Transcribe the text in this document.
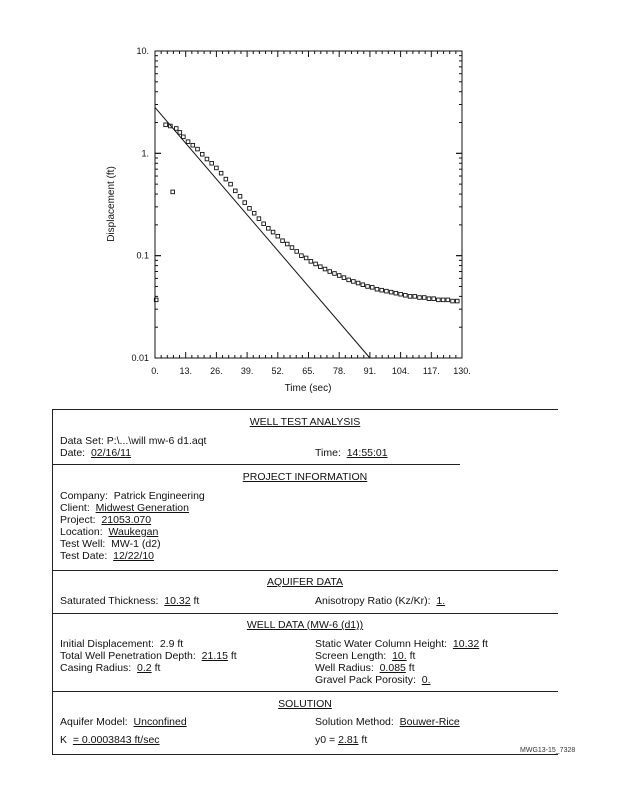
0.01
0.1
1.
10.
0. 13. 26. 39. 52. 65. 78. 91. 104. 117. 130.
Displacement (ft)
Time (sec)
WELL TEST ANALYSIS
Data Set: P:\...\will mw-6 d1.aqt
Date: 02/16/11	Time: 14:55:01
PROJECT INFORMATION
Company: Patrick Engineering
Client: Midwest Generation
Project: 21053.070
Location: Waukegan
Test Well: MW-1 (d2)
Test Date: 12/22/10
AQUIFER DATA
Saturated Thickness: 10.32 ft	Anisotropy Ratio (Kz/Kr): 1.
WELL DATA (MW-6 (d1))
Initial Displacement: 2.9 ft
Total Well Penetration Depth: 21.15 ft
Casing Radius: 0.2 ft
Static Water Column Height: 10.32 ft
Screen Length: 10. ft
Well Radius: 0.085 ft
Gravel Pack Porosity: 0.
SOLUTION
Aquifer Model: Unconfined	Solution Method: Bouwer-Rice
K = 0.0003843 ft/sec	y0 = 2.81 ft
MWG13-15_7328
